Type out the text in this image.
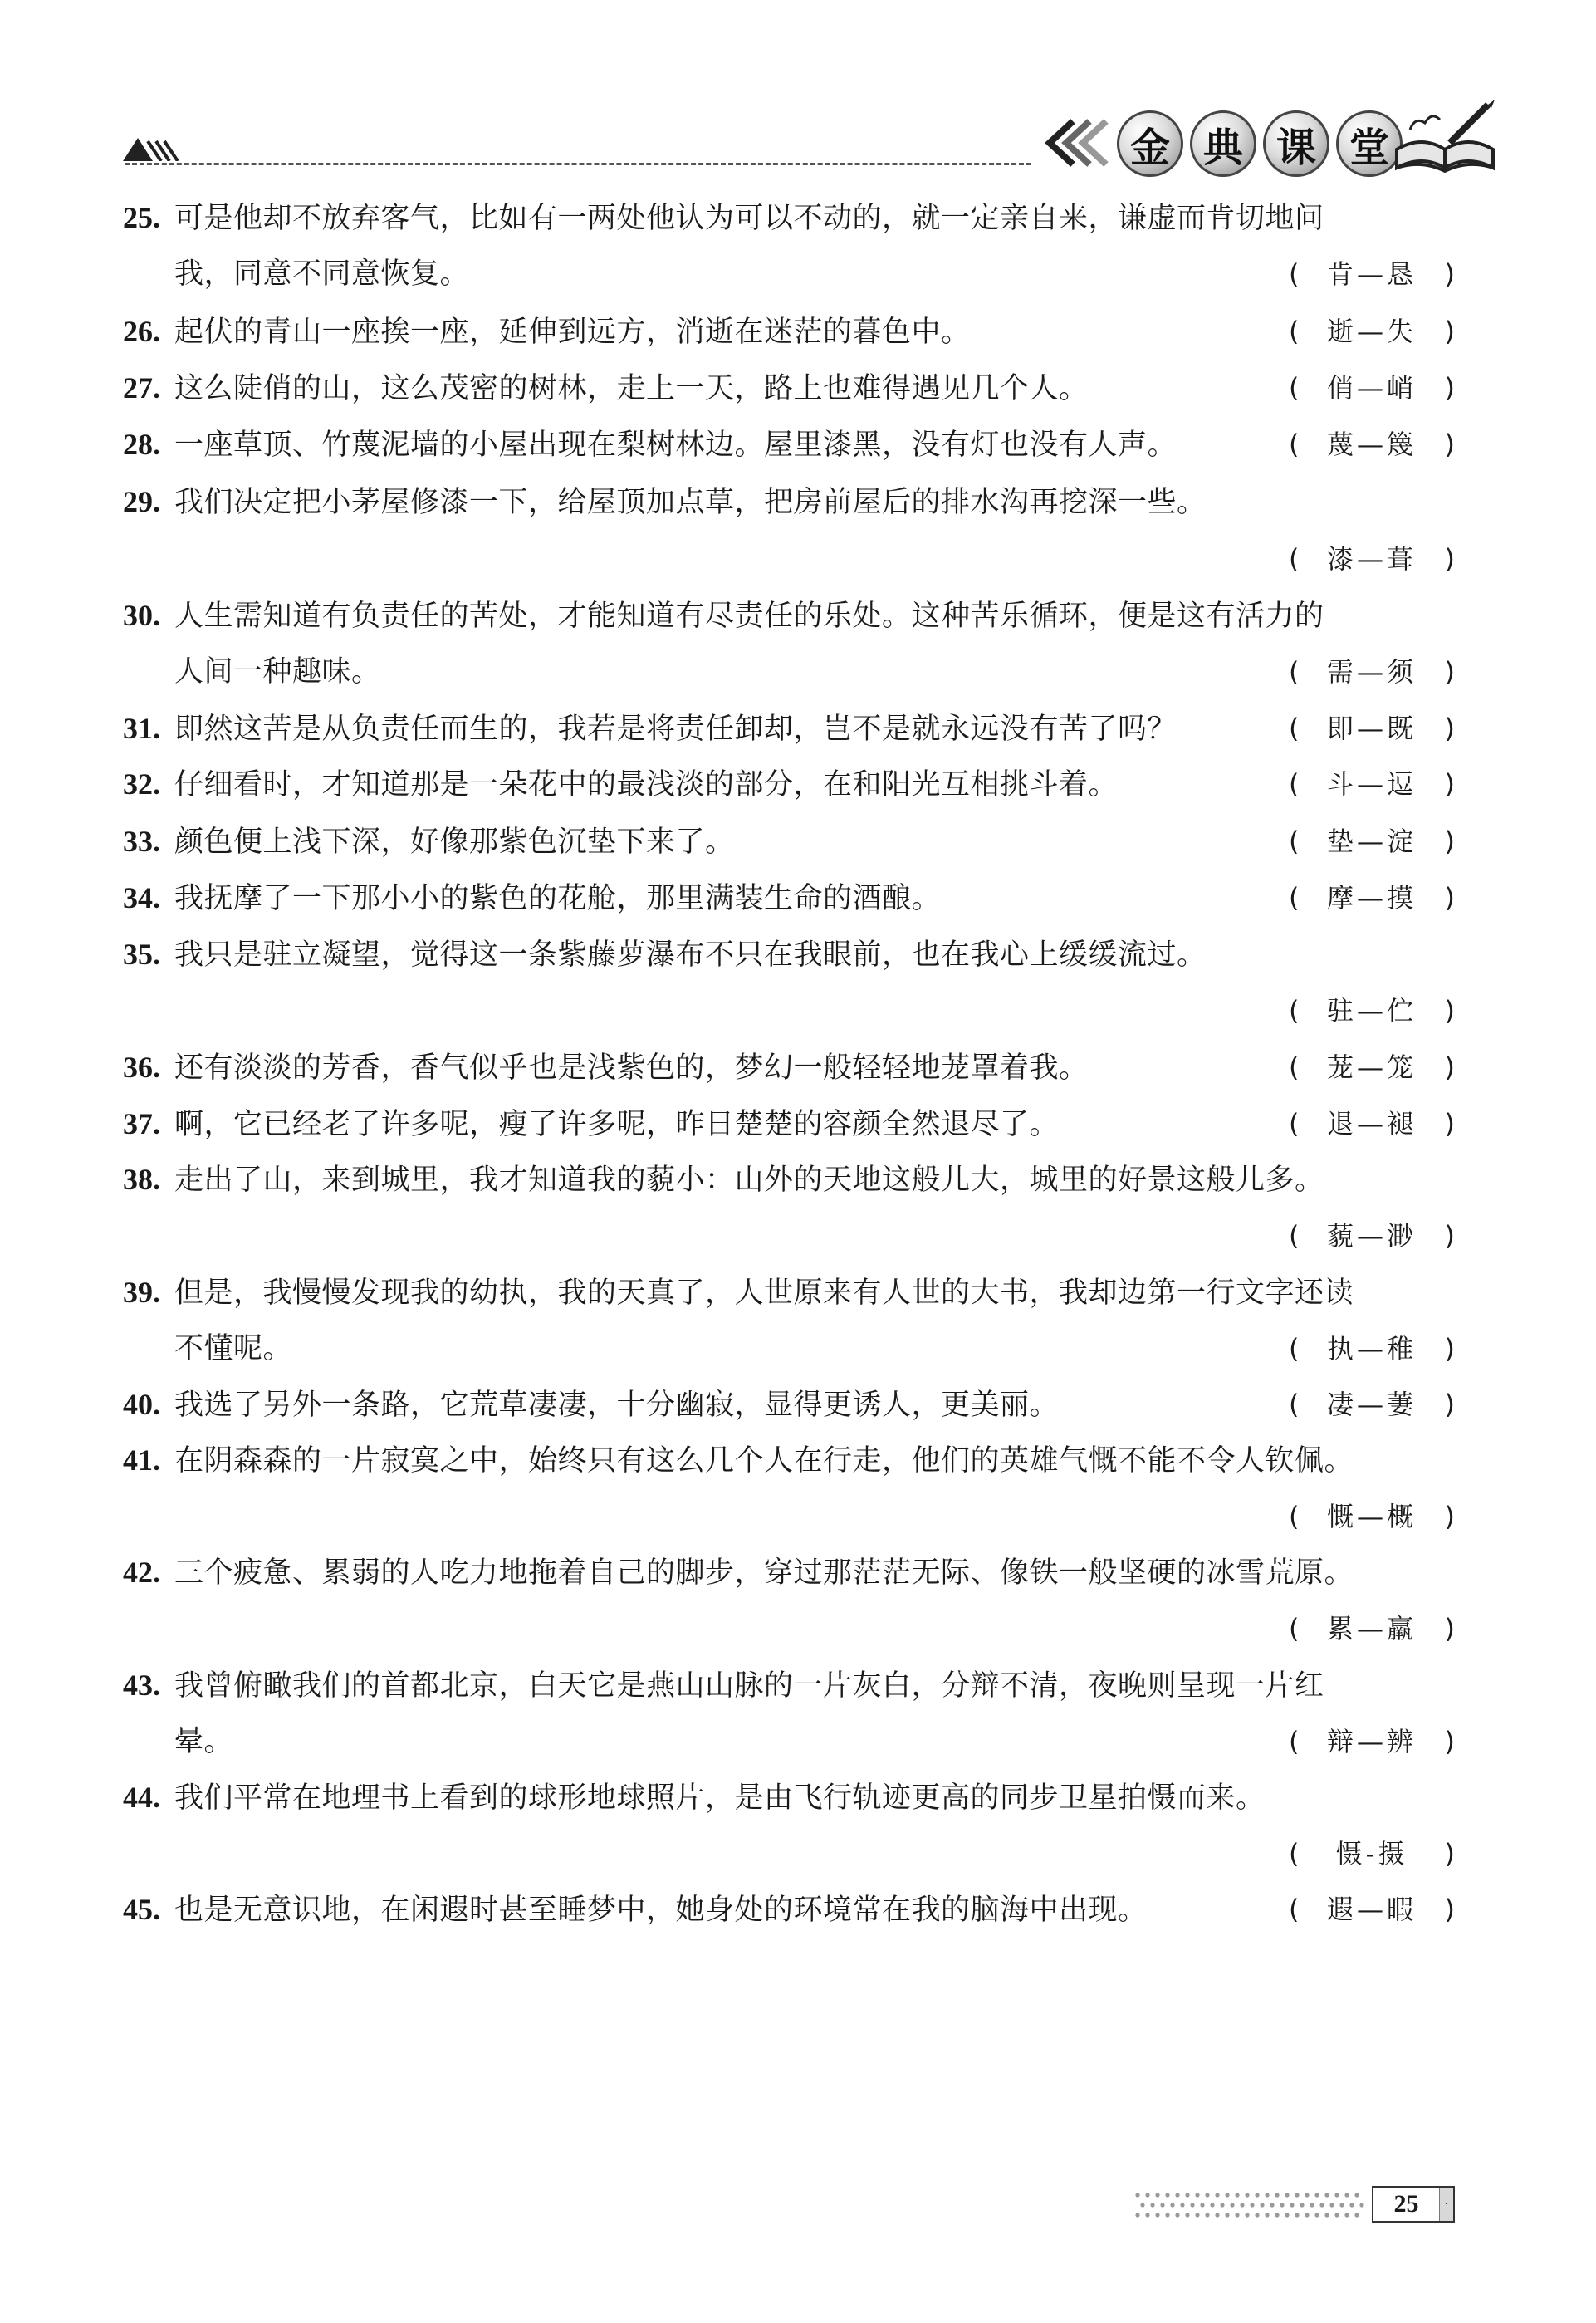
金 典 课 堂
25. 可是他却不放弃客气，比如有一两处他认为可以不动的，就一定亲自来，谦虚而肯切地问
我，同意不同意恢复。	( 肯—恳 )
26. 起伏的青山一座挨一座，延伸到远方，消逝在迷茫的暮色中。	( 逝—失 )
27. 这么陡俏的山，这么茂密的树林，走上一天，路上也难得遇见几个人。	( 俏—峭 )
28. 一座草顶、竹蔑泥墙的小屋出现在梨树林边。屋里漆黑，没有灯也没有人声。	( 蔑—篾 )
29. 我们决定把小茅屋修漆一下，给屋顶加点草，把房前屋后的排水沟再挖深一些。
( 漆—葺 )
30. 人生需知道有负责任的苦处，才能知道有尽责任的乐处。这种苦乐循环，便是这有活力的
人间一种趣味。	( 需—须 )
31. 即然这苦是从负责任而生的，我若是将责任卸却，岂不是就永远没有苦了吗？	( 即—既 )
32. 仔细看时，才知道那是一朵花中的最浅淡的部分，在和阳光互相挑斗着。	( 斗—逗 )
33. 颜色便上浅下深，好像那紫色沉垫下来了。	( 垫—淀 )
34. 我抚摩了一下那小小的紫色的花舱，那里满装生命的酒酿。	( 摩—摸 )
35. 我只是驻立凝望，觉得这一条紫藤萝瀑布不只在我眼前，也在我心上缓缓流过。
( 驻—伫 )
36. 还有淡淡的芳香，香气似乎也是浅紫色的，梦幻一般轻轻地茏罩着我。	( 茏—笼 )
37. 啊，它已经老了许多呢，瘦了许多呢，昨日楚楚的容颜全然退尽了。	( 退—褪 )
38. 走出了山，来到城里，我才知道我的藐小：山外的天地这般儿大，城里的好景这般儿多。
( 藐—渺 )
39. 但是，我慢慢发现我的幼执，我的天真了，人世原来有人世的大书，我却边第一行文字还读
不懂呢。	( 执—稚 )
40. 我选了另外一条路，它荒草凄凄，十分幽寂，显得更诱人，更美丽。	( 凄—萋 )
41. 在阴森森的一片寂寞之中，始终只有这么几个人在行走，他们的英雄气慨不能不令人钦佩。
( 慨—概 )
42. 三个疲惫、累弱的人吃力地拖着自己的脚步，穿过那茫茫无际、像铁一般坚硬的冰雪荒原。
( 累—羸 )
43. 我曾俯瞰我们的首都北京，白天它是燕山山脉的一片灰白，分辩不清，夜晚则呈现一片红
晕。	( 辩—辨 )
44. 我们平常在地理书上看到的球形地球照片，是由飞行轨迹更高的同步卫星拍慑而来。
( 慑-摄 )
45. 也是无意识地，在闲遐时甚至睡梦中，她身处的环境常在我的脑海中出现。	( 遐—暇 )
25	·
